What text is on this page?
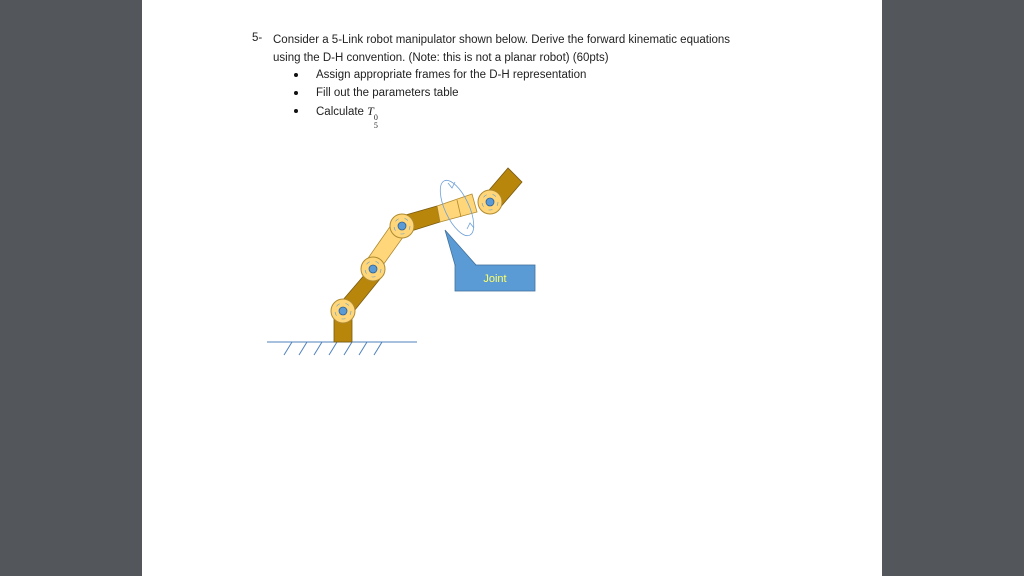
5- Consider a 5-Link robot manipulator shown below. Derive the forward kinematic equations
using the D-H convention. (Note: this is not a planar robot) (60pts)
Assign appropriate frames for the D-H representation
Fill out the parameters table
Calculate T 0
5
Joint
